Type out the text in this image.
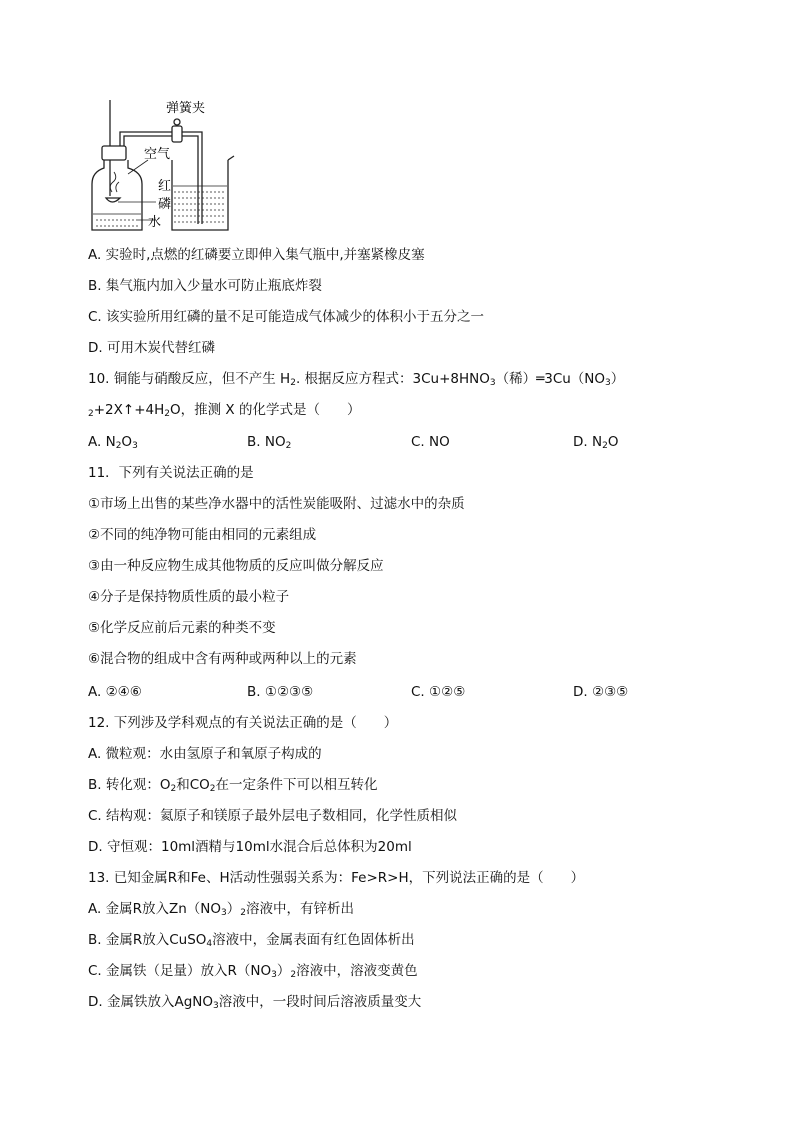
弹簧夹
空气
红
磷
水
A. 实验时,点燃的红磷要立即伸入集气瓶中,并塞紧橡皮塞
B. 集气瓶内加入少量水可防止瓶底炸裂
C. 该实验所用红磷的量不足可能造成气体减少的体积小于五分之一
D. 可用木炭代替红磷
10. 铜能与硝酸反应，但不产生 $H_2$. 根据反应方程式：$3Cu+8HNO_3$（稀）$═3Cu(NO_3)$
$_2+2X↑+4H_2O$，推测 X 的化学式是（　　）
A. $N_2O_3$	B. $NO_2$	C. NO	D. $N_2O$
11．下列有关说法正确的是
①市场上出售的某些净水器中的活性炭能吸附、过滤水中的杂质
②不同的纯净物可能由相同的元素组成
③由一种反应物生成其他物质的反应叫做分解反应
④分子是保持物质性质的最小粒子
⑤化学反应前后元素的种类不变
⑥混合物的组成中含有两种或两种以上的元素
A. ②④⑥	B. ①②③⑤	C. ①②⑤	D. ②③⑤
12. 下列涉及学科观点的有关说法正确的是（　　）
A. 微粒观：水由氢原子和氧原子构成的
B. 转化观：$O_2$和$CO_2$在一定条件下可以相互转化
C. 结构观：氦原子和镁原子最外层电子数相同，化学性质相似
D. 守恒观：10ml酒精与10ml水混合后总体积为20ml
13. 已知金属R和Fe、H活动性强弱关系为：Fe>R>H，下列说法正确的是（　　）
A. 金属R放入$Zn(NO_3)_2$溶液中，有锌析出
B. 金属R放入CuSO$_4$溶液中，金属表面有红色固体析出
C. 金属铁（足量）放入$R(NO_3)_2$溶液中，溶液变黄色
D. 金属铁放入AgNO$_3$溶液中，一段时间后溶液质量变大
